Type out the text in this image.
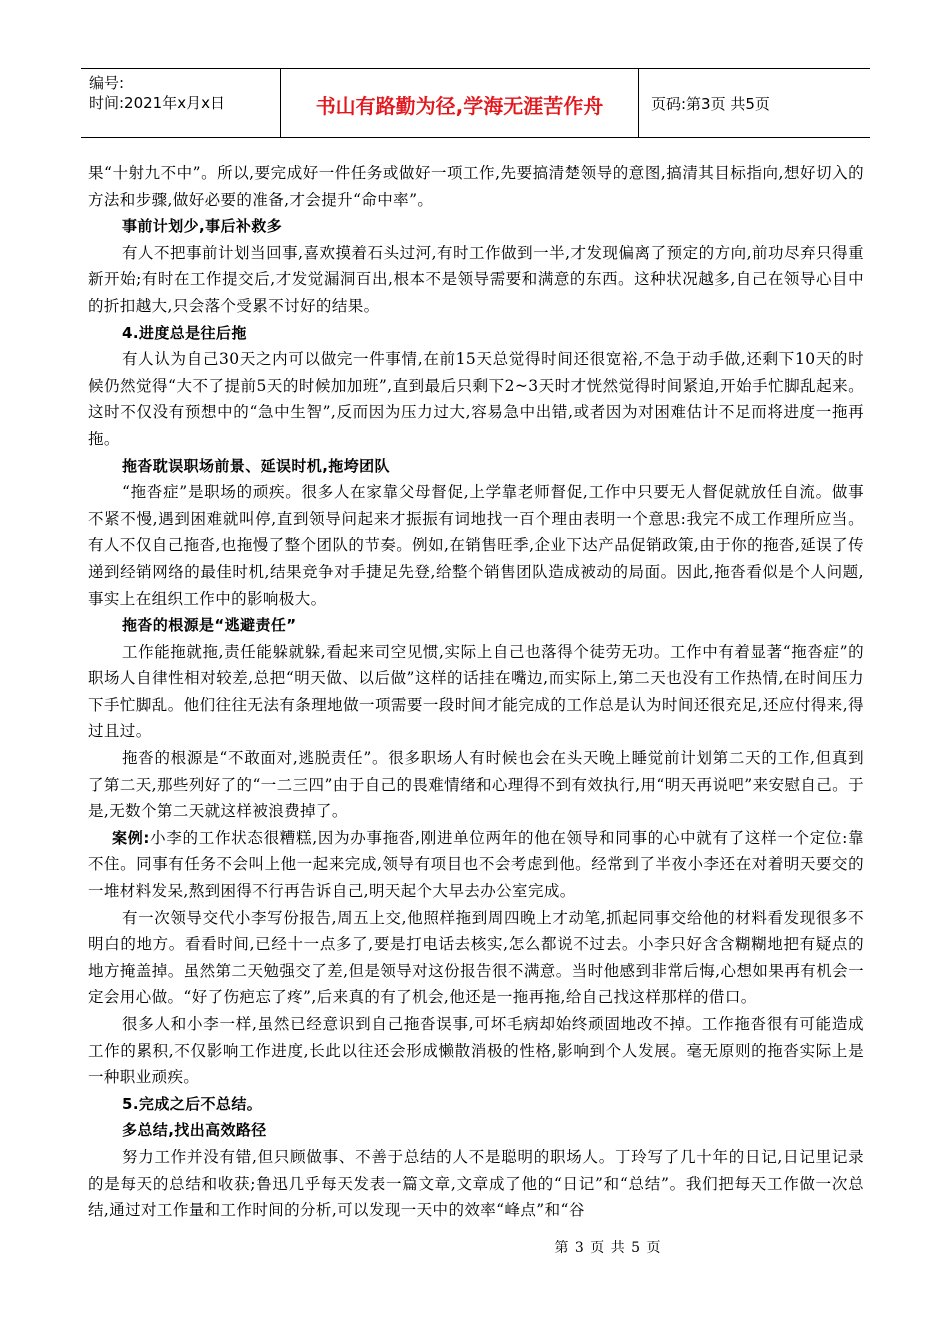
编号:
时间:2021年x月x日	书山有路勤为径,学海无涯苦作舟	页码:第3页 共5页

果“十射九不中”。所以,要完成好一件任务或做好一项工作,先要搞清楚领导的意图,搞清其目标指向,想好切入的方法和步骤,做好必要的准备,才会提升“命中率”。

事前计划少,事后补救多

有人不把事前计划当回事,喜欢摸着石头过河,有时工作做到一半,才发现偏离了预定的方向,前功尽弃只得重新开始;有时在工作提交后,才发觉漏洞百出,根本不是领导需要和满意的东西。这种状况越多,自己在领导心目中的折扣越大,只会落个受累不讨好的结果。

4.进度总是往后拖

有人认为自己30天之内可以做完一件事情,在前15天总觉得时间还很宽裕,不急于动手做,还剩下10天的时候仍然觉得“大不了提前5天的时候加加班”,直到最后只剩下2~3天时才恍然觉得时间紧迫,开始手忙脚乱起来。这时不仅没有预想中的“急中生智”,反而因为压力过大,容易急中出错,或者因为对困难估计不足而将进度一拖再拖。

拖沓耽误职场前景、延误时机,拖垮团队

“拖沓症”是职场的顽疾。很多人在家靠父母督促,上学靠老师督促,工作中只要无人督促就放任自流。做事不紧不慢,遇到困难就叫停,直到领导问起来才振振有词地找一百个理由表明一个意思:我完不成工作理所应当。有人不仅自己拖沓,也拖慢了整个团队的节奏。例如,在销售旺季,企业下达产品促销政策,由于你的拖沓,延误了传递到经销网络的最佳时机,结果竞争对手捷足先登,给整个销售团队造成被动的局面。因此,拖沓看似是个人问题,事实上在组织工作中的影响极大。

拖沓的根源是“逃避责任”

工作能拖就拖,责任能躲就躲,看起来司空见惯,实际上自己也落得个徒劳无功。工作中有着显著“拖沓症”的职场人自律性相对较差,总把“明天做、以后做”这样的话挂在嘴边,而实际上,第二天也没有工作热情,在时间压力下手忙脚乱。他们往往无法有条理地做一项需要一段时间才能完成的工作总是认为时间还很充足,还应付得来,得过且过。

拖沓的根源是“不敢面对,逃脱责任”。很多职场人有时候也会在头天晚上睡觉前计划第二天的工作,但真到了第二天,那些列好了的“一二三四”由于自己的畏难情绪和心理得不到有效执行,用“明天再说吧”来安慰自己。于是,无数个第二天就这样被浪费掉了。

案例:小李的工作状态很糟糕,因为办事拖沓,刚进单位两年的他在领导和同事的心中就有了这样一个定位:靠不住。同事有任务不会叫上他一起来完成,领导有项目也不会考虑到他。经常到了半夜小李还在对着明天要交的一堆材料发呆,熬到困得不行再告诉自己,明天起个大早去办公室完成。

有一次领导交代小李写份报告,周五上交,他照样拖到周四晚上才动笔,抓起同事交给他的材料看发现很多不明白的地方。看看时间,已经十一点多了,要是打电话去核实,怎么都说不过去。小李只好含含糊糊地把有疑点的地方掩盖掉。虽然第二天勉强交了差,但是领导对这份报告很不满意。当时他感到非常后悔,心想如果再有机会一定会用心做。“好了伤疤忘了疼”,后来真的有了机会,他还是一拖再拖,给自己找这样那样的借口。

很多人和小李一样,虽然已经意识到自己拖沓误事,可坏毛病却始终顽固地改不掉。工作拖沓很有可能造成工作的累积,不仅影响工作进度,长此以往还会形成懒散消极的性格,影响到个人发展。毫无原则的拖沓实际上是一种职业顽疾。

5.完成之后不总结。

多总结,找出高效路径

努力工作并没有错,但只顾做事、不善于总结的人不是聪明的职场人。丁玲写了几十年的日记,日记里记录的是每天的总结和收获;鲁迅几乎每天发表一篇文章,文章成了他的“日记”和“总结”。我们把每天工作做一次总结,通过对工作量和工作时间的分析,可以发现一天中的效率“峰点”和“谷

第 3 页 共 5 页
